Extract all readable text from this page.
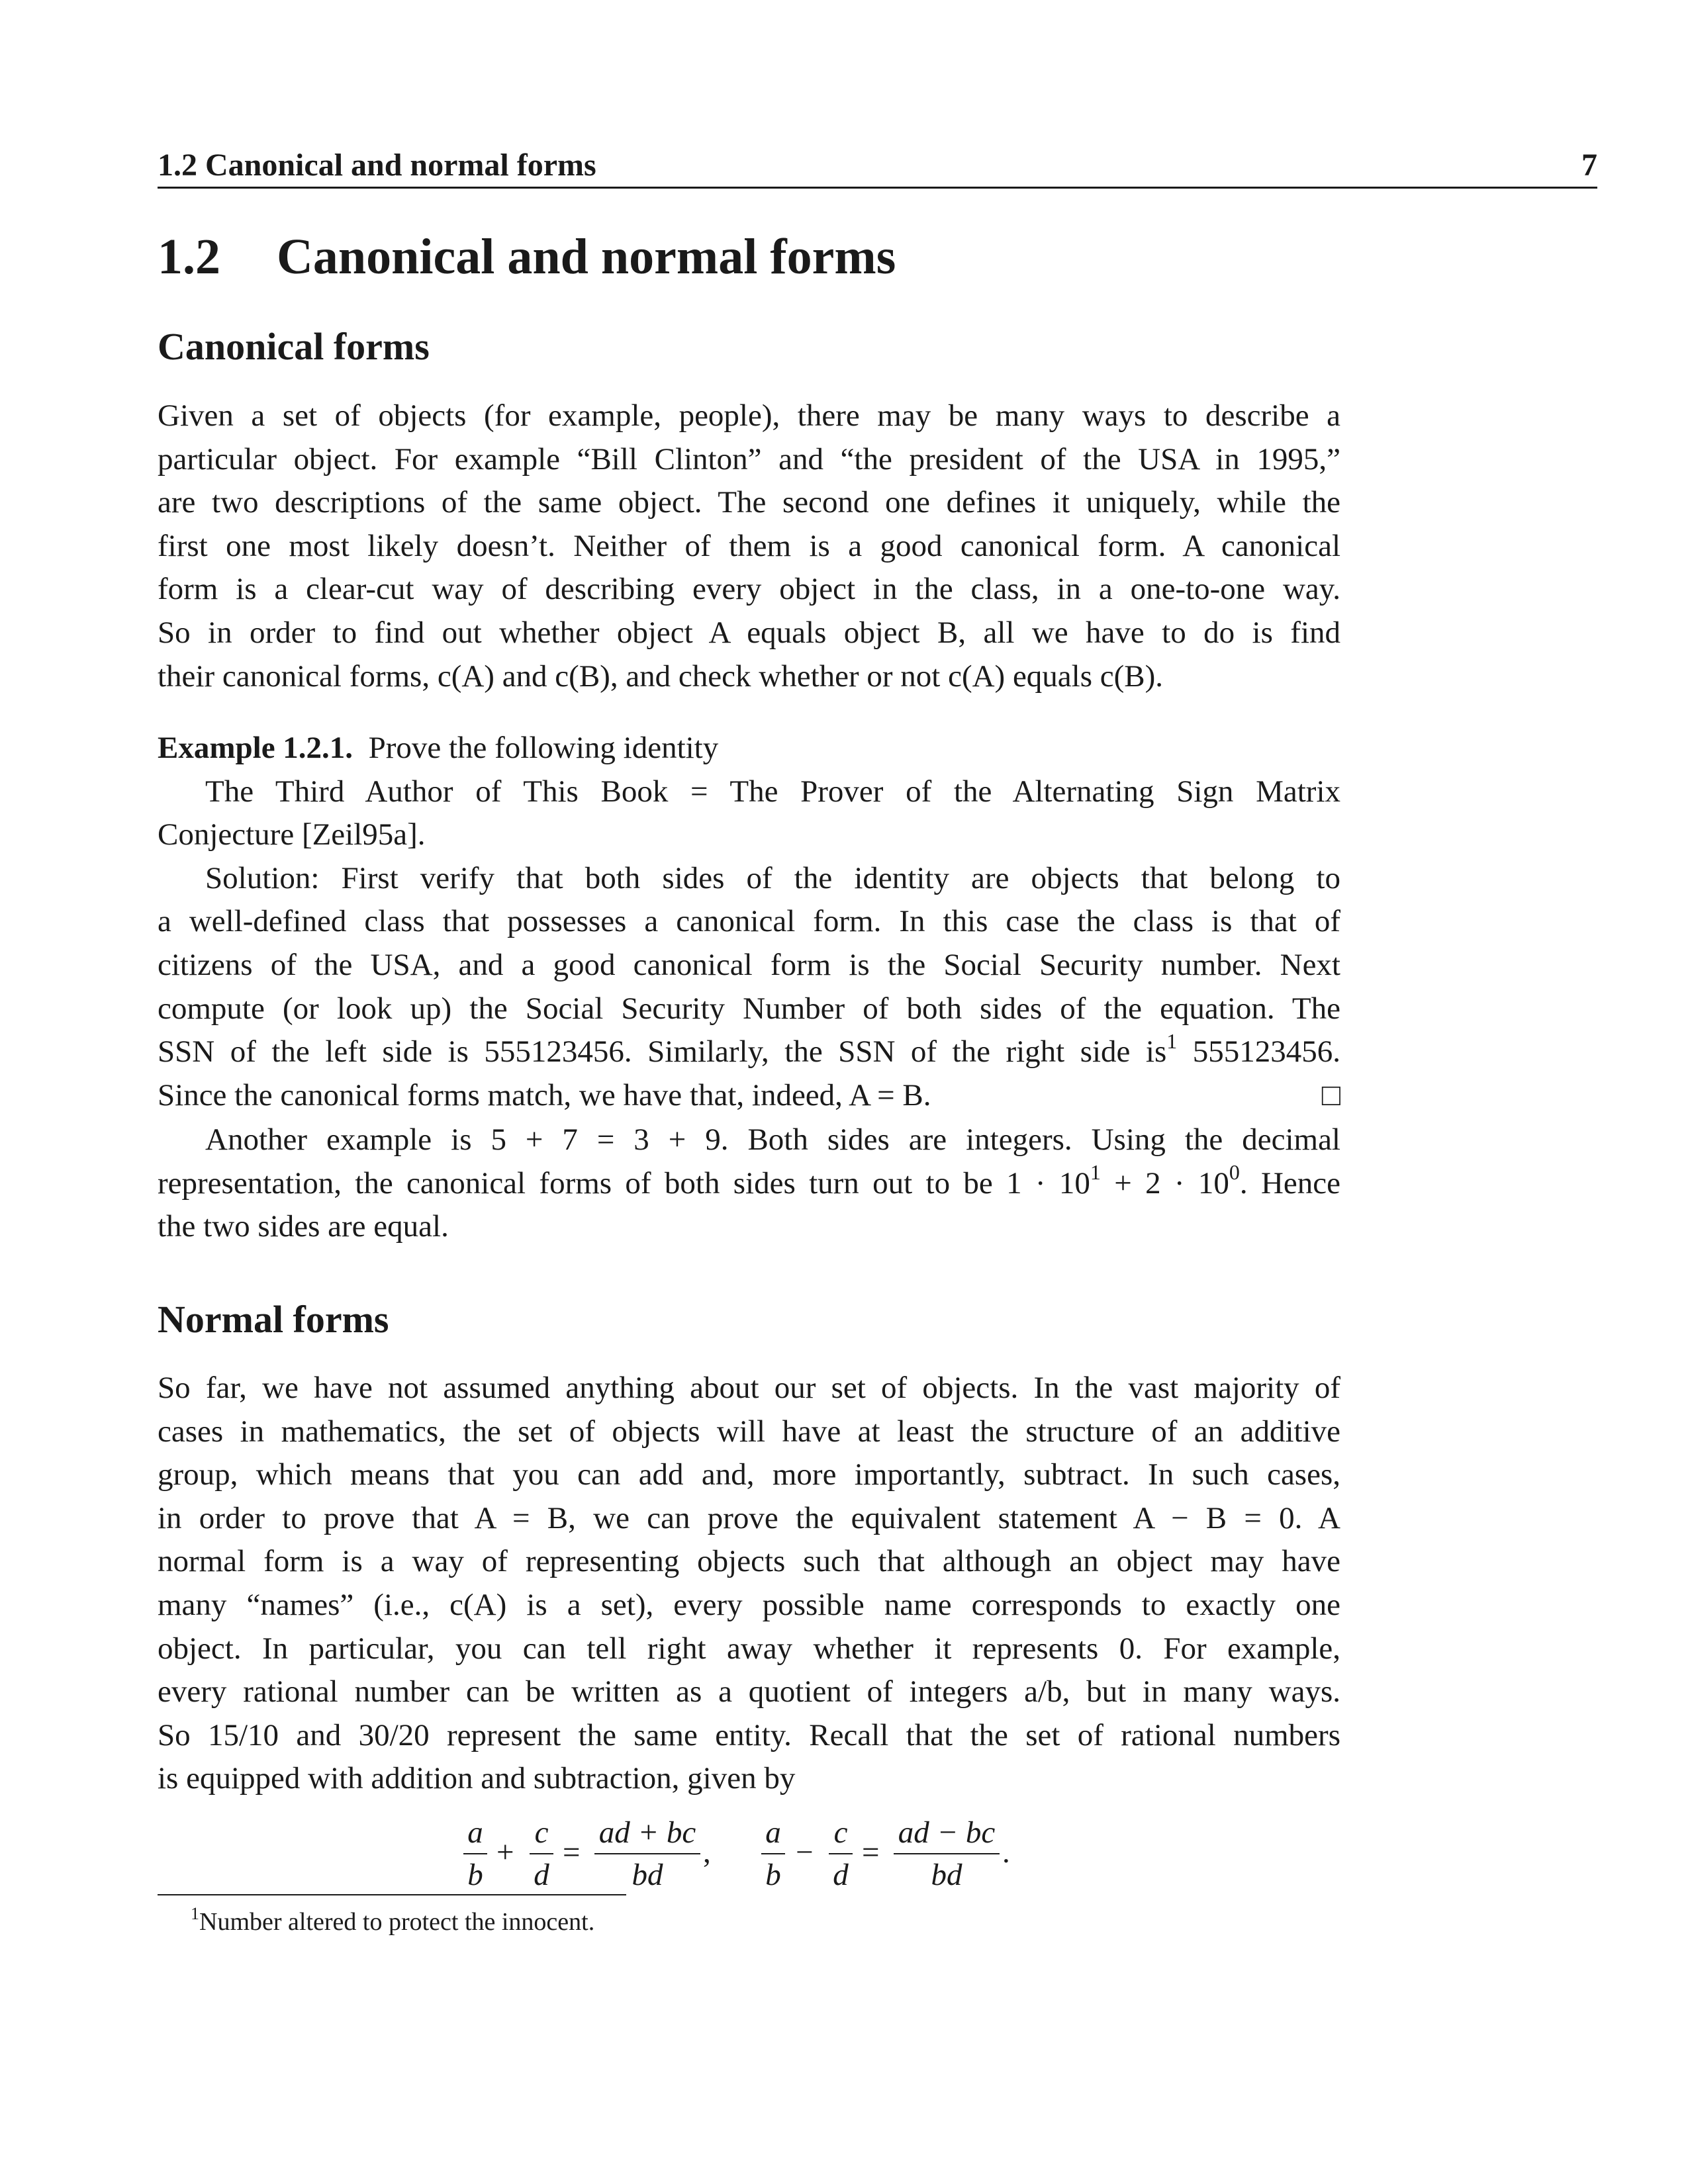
1.2 Canonical and normal forms	7
1.2 Canonical and normal forms
Canonical forms
Given a set of objects (for example, people), there may be many ways to describe a
particular object. For example “Bill Clinton” and “the president of the USA in 1995,”
are two descriptions of the same object. The second one defines it uniquely, while the
first one most likely doesn’t. Neither of them is a good canonical form. A canonical
form is a clear-cut way of describing every object in the class, in a one-to-one way.
So in order to find out whether object A equals object B, all we have to do is find
their canonical forms, c(A) and c(B), and check whether or not c(A) equals c(B).
Example 1.2.1. Prove the following identity
The Third Author of This Book = The Prover of the Alternating Sign Matrix
Conjecture [Zeil95a].
Solution: First verify that both sides of the identity are objects that belong to
a well-defined class that possesses a canonical form. In this case the class is that of
citizens of the USA, and a good canonical form is the Social Security number. Next
compute (or look up) the Social Security Number of both sides of the equation. The
SSN of the left side is 555123456. Similarly, the SSN of the right side $is^1$ 555123456.
Since the canonical forms match, we have that, indeed, A = B.	□
Another example is 5 + 7 = 3 + 9. Both sides are integers. Using the decimal
representation, the canonical forms of both sides turn out to be $1 \cdot 10^1 + 2 \cdot 10^0$. Hence
the two sides are equal.
Normal forms
So far, we have not assumed anything about our set of objects. In the vast majority of
cases in mathematics, the set of objects will have at least the structure of an additive
group, which means that you can add and, more importantly, subtract. In such cases,
in order to prove that A = B, we can prove the equivalent statement A − B = 0. A
normal form is a way of representing objects such that although an object may have
many “names” (i.e., c(A) is a set), every possible name corresponds to exactly one
object. In particular, you can tell right away whether it represents 0. For example,
every rational number can be written as a quotient of integers a/b, but in many ways.
So 15/10 and 30/20 represent the same entity. Recall that the set of rational numbers
is equipped with addition and subtraction, given by
a
b
+
c
d
=
ad + bc
bd
,
a
b
−
c
d
=
ad − bc
bd
.
$^1$Number altered to protect the innocent.
